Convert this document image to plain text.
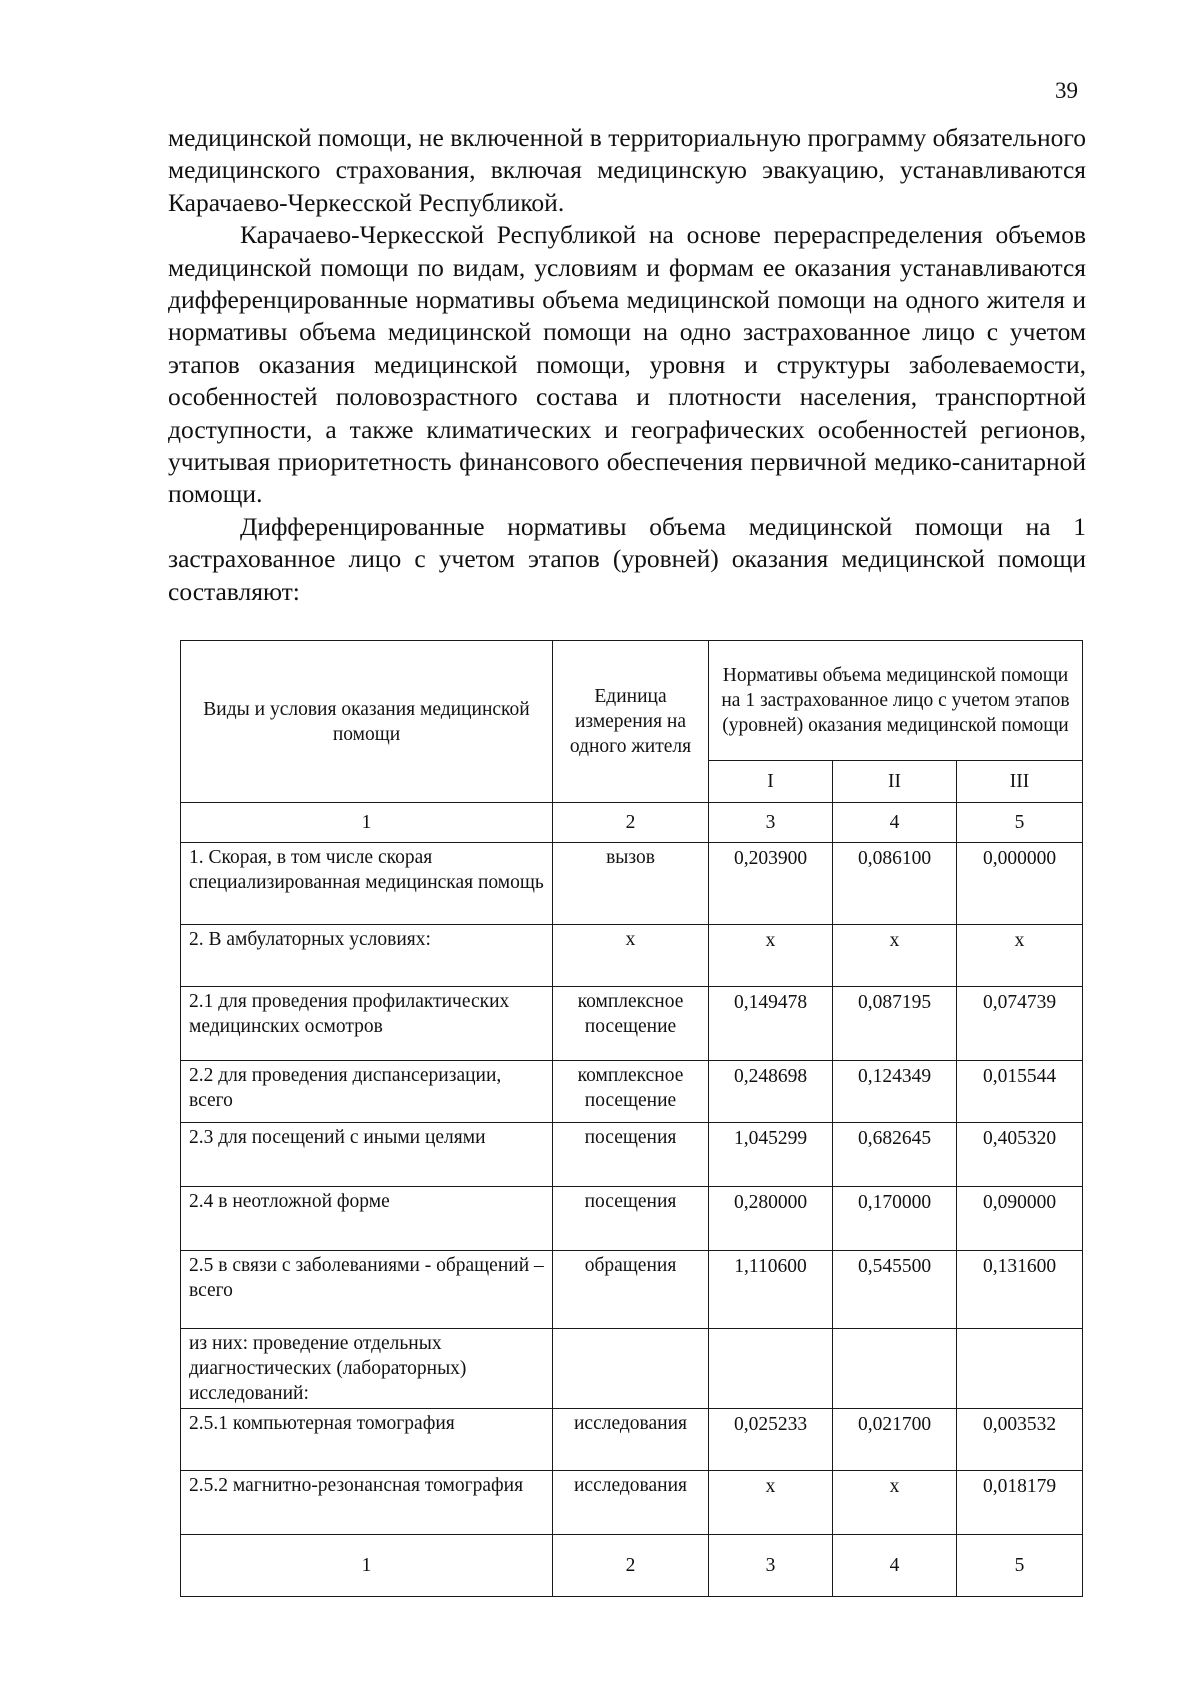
39

медицинской помощи, не включенной в территориальную программу обязательного медицинского страхования, включая медицинскую эвакуацию, устанавливаются Карачаево-Черкесской Республикой.

Карачаево-Черкесской Республикой на основе перераспределения объемов медицинской помощи по видам, условиям и формам ее оказания устанавливаются дифференцированные нормативы объема медицинской помощи на одного жителя и нормативы объема медицинской помощи на одно застрахованное лицо с учетом этапов оказания медицинской помощи, уровня и структуры заболеваемости, особенностей половозрастного состава и плотности населения, транспортной доступности, а также климатических и географических особенностей регионов, учитывая приоритетность финансового обеспечения первичной медико-санитарной помощи.

Дифференцированные нормативы объема медицинской помощи на 1 застрахованное лицо с учетом этапов (уровней) оказания медицинской помощи составляют:

Виды и условия оказания медицинской помощи	Единица измерения на одного жителя	Нормативы объема медицинской помощи на 1 застрахованное лицо с учетом этапов (уровней) оказания медицинской помощи		
		I	II	III
1	2	3	4	5
1. Скорая, в том числе скорая специализированная медицинская помощь	вызов	0,203900	0,086100	0,000000
2. В амбулаторных условиях:	х	х	х	х
2.1 для проведения профилактических медицинских осмотров	комплексное посещение	0,149478	0,087195	0,074739
2.2 для проведения диспансеризации, всего	комплексное посещение	0,248698	0,124349	0,015544
2.3 для посещений с иными целями	посещения	1,045299	0,682645	0,405320
2.4 в неотложной форме	посещения	0,280000	0,170000	0,090000
2.5 в связи с заболеваниями - обращений – всего	обращения	1,110600	0,545500	0,131600
из них: проведение отдельных диагностических (лабораторных) исследований:				
2.5.1 компьютерная томография	исследования	0,025233	0,021700	0,003532
2.5.2 магнитно-резонансная томография	исследования	х	х	0,018179
1	2	3	4	5
